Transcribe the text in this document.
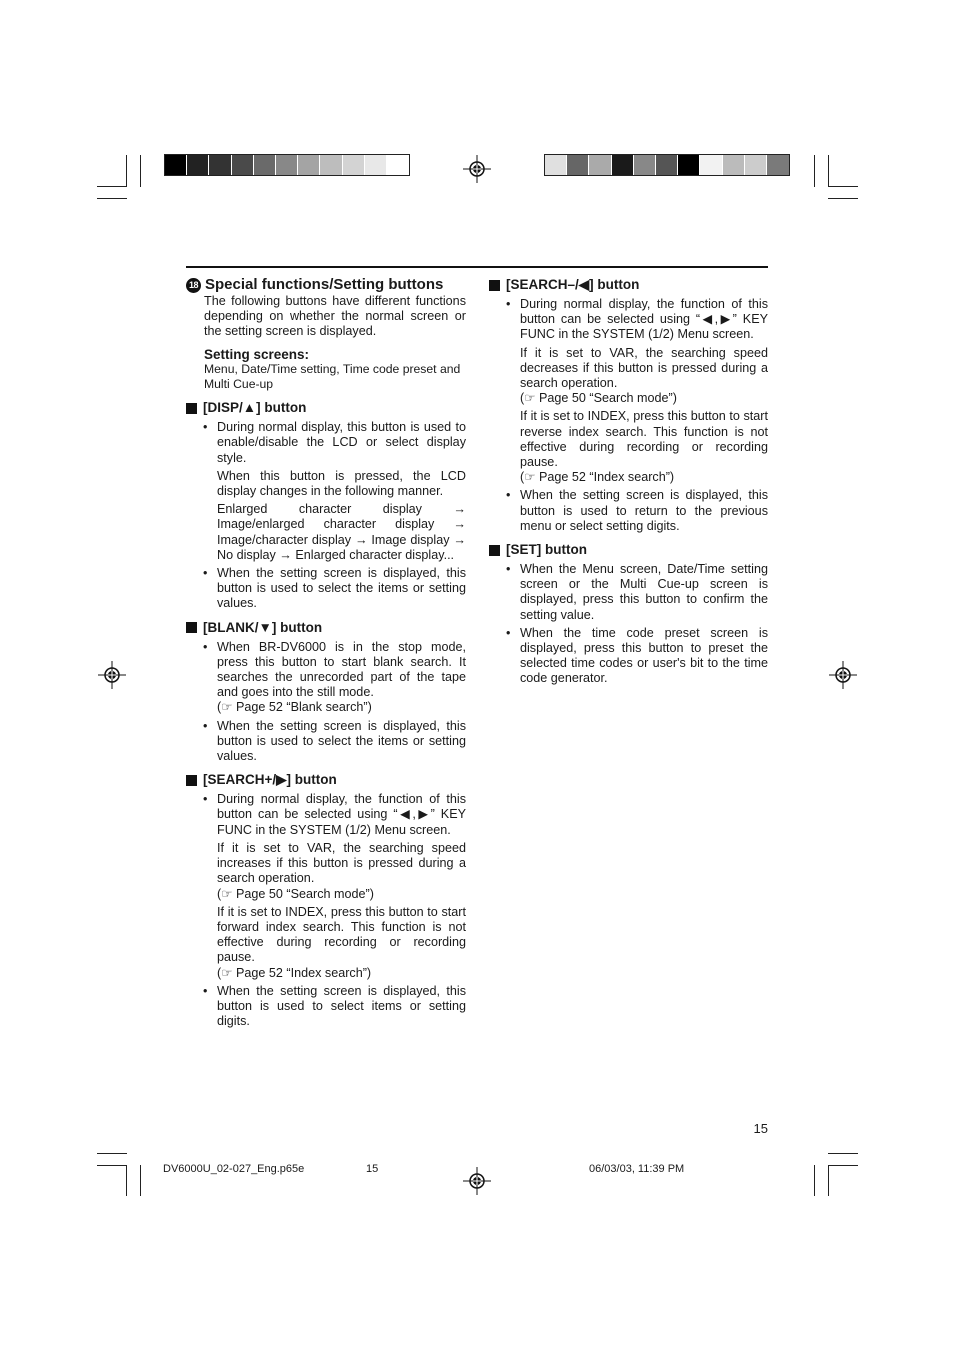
18 Special functions/Setting buttons
The following buttons have different functions depending on whether the normal screen or the setting screen is displayed.
Setting screens:
Menu, Date/Time setting, Time code preset and Multi Cue-up
[DISP/▲] button
• During normal display, this button is used to enable/disable the LCD or select display style.

When this button is pressed, the LCD display changes in the following manner.

Enlarged character display → Image/enlarged character display → Image/character display → Image display → No display → Enlarged character display...

• When the setting screen is displayed, this button is used to select the items or setting values.
[BLANK/▼] button
• When BR-DV6000 is in the stop mode, press this button to start blank search. It searches the unrecorded part of the tape and goes into the still mode.
(☞ Page 52 “Blank search”)
• When the setting screen is displayed, this button is used to select the items or setting values.
[SEARCH+/▶] button
• During normal display, the function of this button can be selected using “◀,▶” KEY FUNC in the SYSTEM (1/2) Menu screen.

If it is set to VAR, the searching speed increases if this button is pressed during a search operation.

(☞ Page 50 “Search mode”)

If it is set to INDEX, press this button to start forward index search. This function is not effective during recording or recording pause.

(☞ Page 52 “Index search”)
• When the setting screen is displayed, this button is used to select items or setting digits.
[SEARCH–/◀] button
• During normal display, the function of this button can be selected using “◀,▶” KEY FUNC in the SYSTEM (1/2) Menu screen.

If it is set to VAR, the searching speed decreases if this button is pressed during a search operation.

(☞ Page 50 “Search mode”)

If it is set to INDEX, press this button to start reverse index search. This function is not effective during recording or recording pause.

(☞ Page 52 “Index search”)
• When the setting screen is displayed, this button is used to return to the previous menu or select setting digits.
[SET] button
• When the Menu screen, Date/Time setting screen or the Multi Cue-up screen is displayed, press this button to confirm the setting value.
• When the time code preset screen is displayed, press this button to preset the selected time codes or user's bit to the time code generator.
15
DV6000U_02-027_Eng.p65e	15	06/03/03, 11:39 PM
